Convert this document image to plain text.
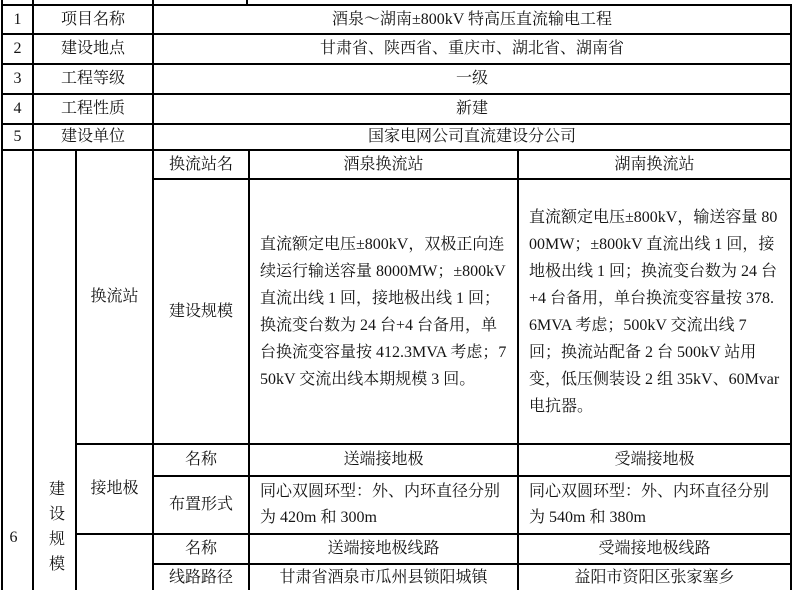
1	项目名称		酒泉～湖南±800kV 特高压直流输电工程		
2	建设地点		甘肃省、陕西省、重庆市、湖北省、湖南省		
3	工程等级		一级		
4	工程性质		新建		
5	建设单位		国家电网公司直流建设分公司		

6	建设规模	换流站	换流站名	酒泉换流站	湖南换流站
			建设规模	直流额定电压±800kV，双极正向连续运行输送容量 8000MW；±800kV 直流出线 1 回，接地极出线 1 回；换流变台数为 24 台+4 台备用，单台换流变容量按 412.3MVA 考虑；750kV 交流出线本期规模 3 回。	直流额定电压±800kV，输送容量 8000MW；±800kV 直流出线 1 回，接地极出线 1 回；换流变台数为 24 台+4 台备用，单台换流变容量按 378.6MVA 考虑；500kV 交流出线 7 回；换流站配备 2 台 500kV 站用变，低压侧装设 2 组 35kV、60Mvar 电抗器。
		接地极	名称	送端接地极	受端接地极
			布置形式	同心双圆环型：外、内环直径分别为 420m 和 300m	同心双圆环型：外、内环直径分别为 540m 和 380m
			名称	送端接地极线路	受端接地极线路
			线路路径	甘肃省酒泉市瓜州县锁阳城镇	益阳市资阳区张家塞乡
